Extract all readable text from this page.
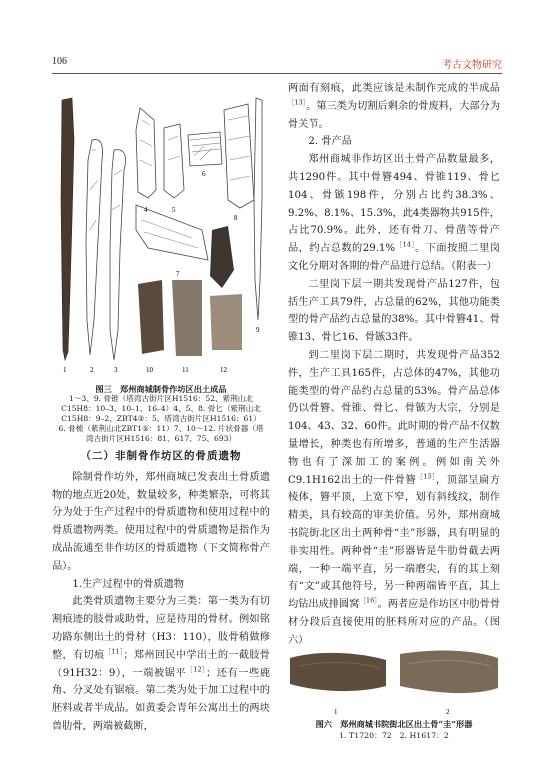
106	考古文物研究
1	2	3
4	5
6
7
8
9
10	11	12
图三　郑州商城制骨作坊区出土成品
1～3、9. 骨锥（塔湾古街片区H1516：52、紫荆山北
C15H8：10–3、10–1、16–4）4、5、8. 骨匕（紫荆山北
C15H8：9–2、ZBT4③：5、塔湾古街片区H1516：61）
6. 骨梳（紫荆山北ZBT1⑤：11）7、10～12. 片状骨器（塔
湾古街片区H1516：81、617、75、693）
（二）非制骨作坊区的骨质遗物

除制骨作坊外，郑州商城已发表出土骨质遗物的地点近20处，数量较多，种类繁杂，可将其分为处于生产过程中的骨质遗物和使用过程中的骨质遗物两类。使用过程中的骨质遗物是指作为成品流通至非作坊区的骨质遗物（下文简称骨产品）。

1.生产过程中的骨质遗物

此类骨质遗物主要分为三类：第一类为有切割痕迹的肢骨或助骨，应是待用的骨材。例如铭功路东侧出土的骨材（H3：110），肢骨稍做修整，有切痕$^{[11]}$；郑州回民中学出土的一截肢骨（91H32：9），一端被锯平$^{[12]}$；还有一些鹿角、分叉处有锯痕。第二类为处于加工过程中的胚料或者半成品。如黄委会青年公寓出土的两块兽肋骨，两端被截断，

两面有刻痕，此类应该是未制作完成的半成品$^{[13]}$。第三类为切割后剩余的骨废料，大部分为骨关节。

2. 骨产品

郑州商城非作坊区出土骨产品数量最多，共1290件。其中骨簪494、骨锥119、骨匕104、骨镞198件，分别占比约38.3%、9.2%、8.1%、15.3%，此4类器物共915件，占比70.9%。此外，还有骨刀、骨凿等骨产品，约占总数的29.1%$^{[14]}$。下面按照二里岗文化分期对各期的骨产品进行总结。（附表一）

二里岗下层一期共发现骨产品127件，包括生产工具79件，占总量的62%，其他功能类型的骨产品约占总量的38%。其中骨簪41、骨锥13、骨匕16、骨镞33件。

到二里岗下层二期时，共发现骨产品352件，生产工具165件，占总体的47%，其他功能类型的骨产品约占总量的53%。骨产品总体仍以骨簪、骨锥、骨匕、骨镞为大宗，分别是104、43、32、60件。此时期的骨产品不仅数量增长，种类也有所增多，普通的生产生活器物也有了深加工的案例。例如南关外C9.1H162出土的一件骨簪$^{[15]}$，顶部呈扁方棱体，簪平顶，上宽下窄，划有斜线纹，制作精美，具有较高的审美价值。另外，郑州商城书院街北区出土两种骨“圭”形器，具有明显的非实用性。两种骨“圭”形器皆是牛肋骨截去两端，一种一端平直，另一端磨尖，有的其上刻有“文”或其他符号，另一种两端皆平直，其上均钻出成排圆窝$^{[16]}$。两者应是作坊区中肋骨骨材分段后直接使用的胚料所对应的产品。（图六）

1	2
图六　郑州商城书院街北区出土骨“圭”形器
1. T1720：72　2. H1617：2
